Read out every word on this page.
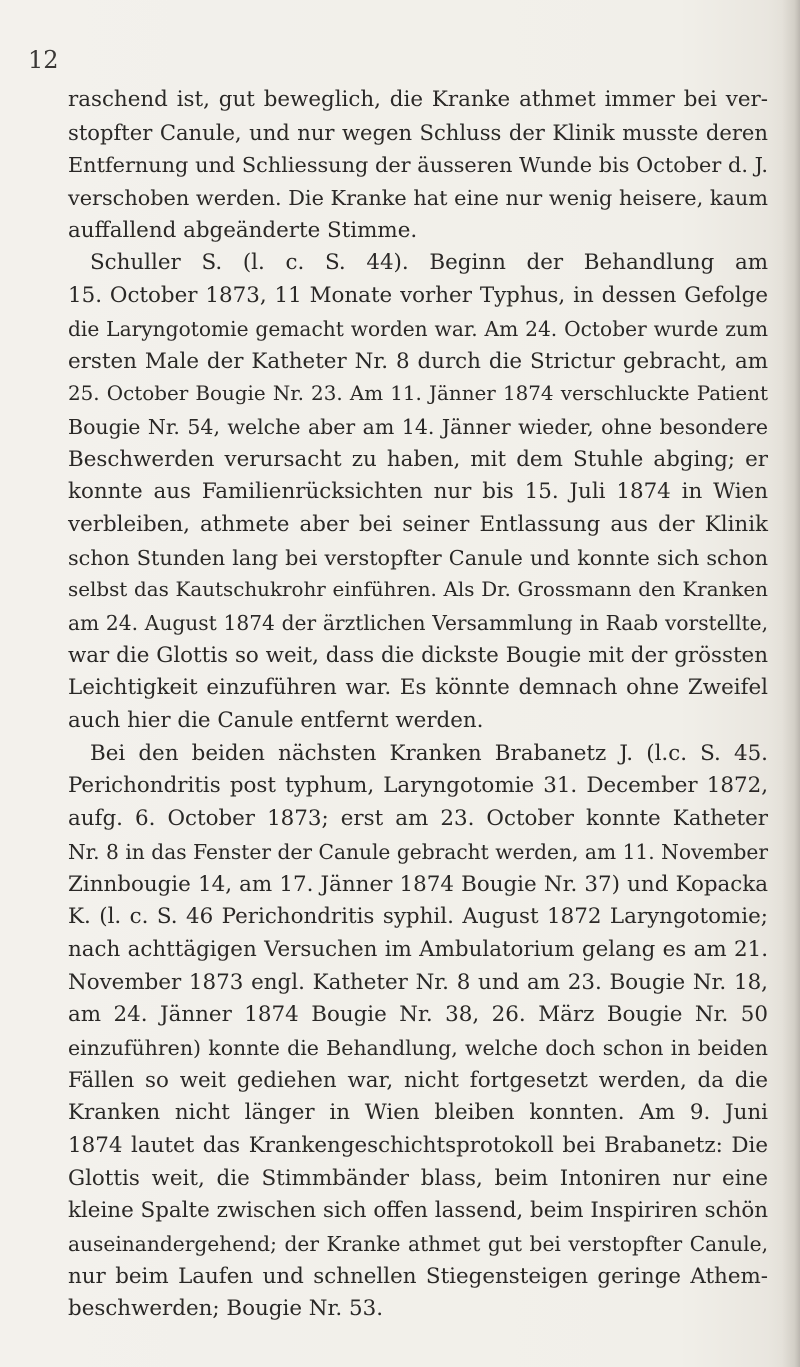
12
raschend ist, gut beweglich, die Kranke athmet immer bei ver-
stopfter Canule, und nur wegen Schluss der Klinik musste deren
Entfernung und Schliessung der äusseren Wunde bis October d. J.
verschoben werden. Die Kranke hat eine nur wenig heisere, kaum
auffallend abgeänderte Stimme.
Schuller S. (l. c. S. 44). Beginn der Behandlung am
15. October 1873, 11 Monate vorher Typhus, in dessen Gefolge
die Laryngotomie gemacht worden war. Am 24. October wurde zum
ersten Male der Katheter Nr. 8 durch die Strictur gebracht, am
25. October Bougie Nr. 23. Am 11. Jänner 1874 verschluckte Patient
Bougie Nr. 54, welche aber am 14. Jänner wieder, ohne besondere
Beschwerden verursacht zu haben, mit dem Stuhle abging; er
konnte aus Familienrücksichten nur bis 15. Juli 1874 in Wien
verbleiben, athmete aber bei seiner Entlassung aus der Klinik
schon Stunden lang bei verstopfter Canule und konnte sich schon
selbst das Kautschukrohr einführen. Als Dr. Grossmann den Kranken
am 24. August 1874 der ärztlichen Versammlung in Raab vorstellte,
war die Glottis so weit, dass die dickste Bougie mit der grössten
Leichtigkeit einzuführen war. Es könnte demnach ohne Zweifel
auch hier die Canule entfernt werden.
Bei den beiden nächsten Kranken Brabanetz J. (l.c. S. 45.
Perichondritis post typhum, Laryngotomie 31. December 1872,
aufg. 6. October 1873; erst am 23. October konnte Katheter
Nr. 8 in das Fenster der Canule gebracht werden, am 11. November
Zinnbougie 14, am 17. Jänner 1874 Bougie Nr. 37) und Kopacka
K. (l. c. S. 46 Perichondritis syphil. August 1872 Laryngotomie;
nach achttägigen Versuchen im Ambulatorium gelang es am 21.
November 1873 engl. Katheter Nr. 8 und am 23. Bougie Nr. 18,
am 24. Jänner 1874 Bougie Nr. 38, 26. März Bougie Nr. 50
einzuführen) konnte die Behandlung, welche doch schon in beiden
Fällen so weit gediehen war, nicht fortgesetzt werden, da die
Kranken nicht länger in Wien bleiben konnten. Am 9. Juni
1874 lautet das Krankengeschichtsprotokoll bei Brabanetz: Die
Glottis weit, die Stimmbänder blass, beim Intoniren nur eine
kleine Spalte zwischen sich offen lassend, beim Inspiriren schön
auseinandergehend; der Kranke athmet gut bei verstopfter Canule,
nur beim Laufen und schnellen Stiegensteigen geringe Athem-
beschwerden; Bougie Nr. 53.
